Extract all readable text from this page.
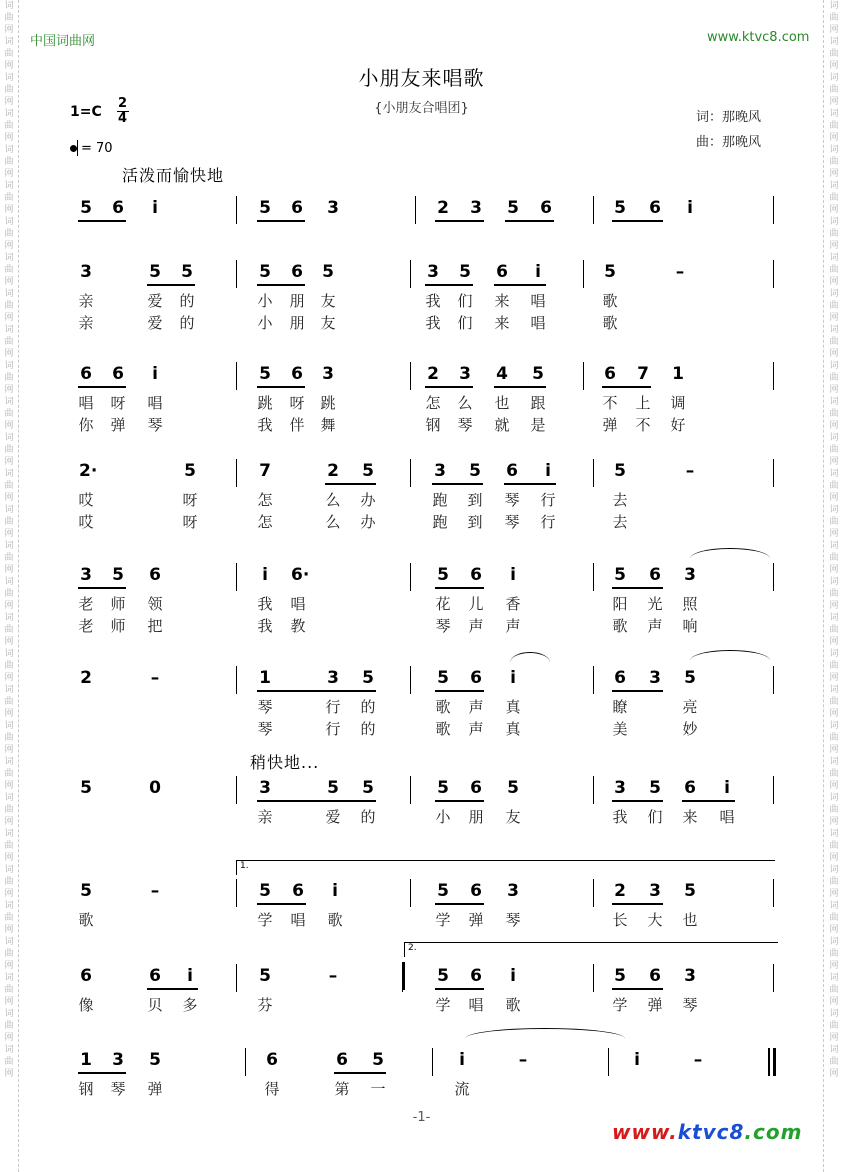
词曲网词曲网词曲网词曲网词曲网词曲网词曲网词曲网词曲网词曲网词曲网词曲网词曲网词曲网词曲网词曲网词曲网词曲网词曲网词曲网词曲网词曲网词曲网词曲网词曲网词曲网词曲网词曲网词曲网词曲网
词曲网词曲网词曲网词曲网词曲网词曲网词曲网词曲网词曲网词曲网词曲网词曲网词曲网词曲网词曲网词曲网词曲网词曲网词曲网词曲网词曲网词曲网词曲网词曲网词曲网词曲网词曲网词曲网词曲网词曲网
中国词曲网	www.ktvc8.com
小朋友来唱歌
{小朋友合唱团}
词：那晚风
曲：那晚风
1=C
2
4
= 70
活泼而愉快地
稍快地...
5 6 i	5 6 3	2 3 5 6	5 6 i
3	5 5	5 6 5	3 5 6 i	5	–
亲	爱 的	小 朋 友	我 们 来 唱	歌
亲	爱 的	小 朋 友	我 们 来 唱	歌
6 6 i	5 6 3	2 3 4 5	6 7 1
唱 呀 唱	跳 呀 跳	怎 么 也 跟	不 上 调
你 弹 琴	我 伴 舞	钢 琴 就 是	弹 不 好
2·	5	7	2 5	3 5 6 i	5	–
哎	呀	怎	么 办	跑 到 琴 行	去
哎	呀	怎	么 办	跑 到 琴 行	去
3 5 6	i 6·	5 6 i	5 6 3
老 师 领	我 唱	花 儿 香	阳 光 照
老 师 把	我 教	琴 声 声	歌 声 响
2	–	1	3 5	5 6 i	6 3 5
琴	行 的	歌 声 真	瞭	亮
琴	行 的	歌 声 真	美	妙
5	0	3	5 5	5 6 5	3 5 6 i
亲	爱 的	小 朋 友	我 们 来 唱
5	–	5 6 i	5 6 3	2 3 5
歌	学 唱 歌	学 弹 琴	长 大 也
6	6 i	5	–	5 6 i	5 6 3
像	贝 多	芬	学 唱 歌	学 弹 琴
1 3 5	6	6 5	i	–	i	–
钢 琴 弹	得	第 一	流
1.
2.
-1-
www.ktvc8.com
